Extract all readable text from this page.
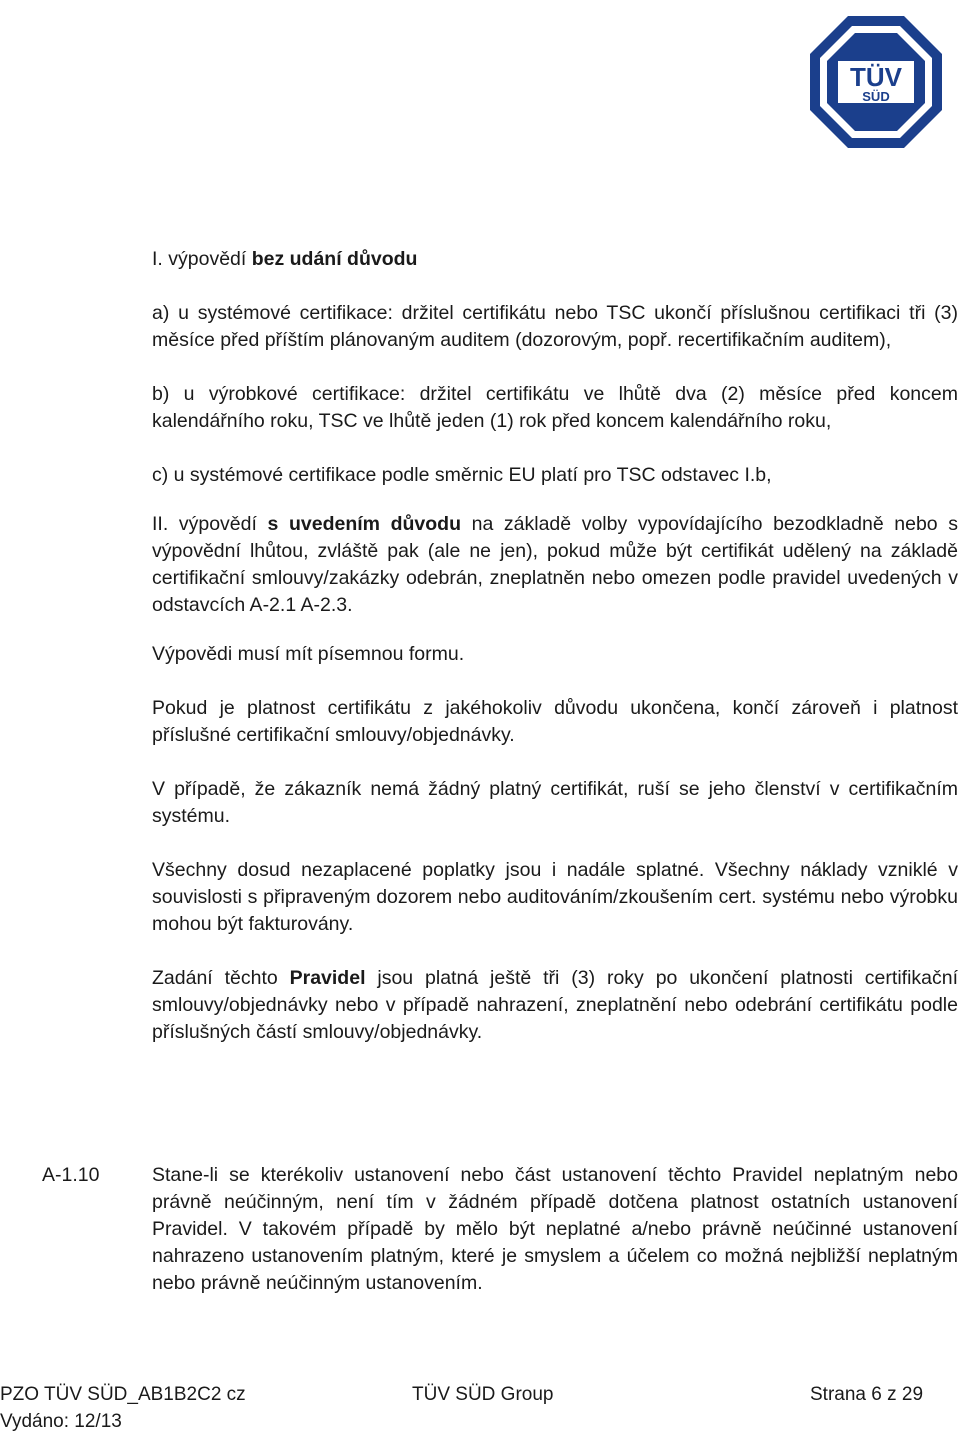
TÜV
SÜD

I. výpovědí bez udání důvodu

a) u systémové certifikace: držitel certifikátu nebo TSC ukončí příslušnou certifikaci tři (3) měsíce před příštím plánovaným auditem (dozorovým, popř. recertifikačním auditem),

b) u výrobkové certifikace: držitel certifikátu ve lhůtě dva (2) měsíce před koncem kalendářního roku, TSC ve lhůtě jeden (1) rok před koncem kalendářního roku,

c) u systémové certifikace podle směrnic EU platí pro TSC odstavec I.b,

II. výpovědí s uvedením důvodu na základě volby vypovídajícího bezodkladně nebo s výpovědní lhůtou, zvláště pak (ale ne jen), pokud může být certifikát udělený na základě certifikační smlouvy/zakázky odebrán, zneplatněn nebo omezen podle pravidel uvedených v odstavcích A-2.1 A-2.3.

Výpovědi musí mít písemnou formu.

Pokud je platnost certifikátu z jakéhokoliv důvodu ukončena, končí zároveň i platnost příslušné certifikační smlouvy/objednávky.

V případě, že zákazník nemá žádný platný certifikát, ruší se jeho členství v certifikačním systému.

Všechny dosud nezaplacené poplatky jsou i nadále splatné. Všechny náklady vzniklé v souvislosti s připraveným dozorem nebo auditováním/zkoušením cert. systému nebo výrobku mohou být fakturovány.

Zadání těchto Pravidel jsou platná ještě tři (3) roky po ukončení platnosti certifikační smlouvy/objednávky nebo v případě nahrazení, zneplatnění nebo odebrání certifikátu podle příslušných částí smlouvy/objednávky.

A-1.10	Stane-li se kterékoliv ustanovení nebo část ustanovení těchto Pravidel neplatným nebo právně neúčinným, není tím v žádném případě dotčena platnost ostatních ustanovení Pravidel. V takovém případě by mělo být neplatné a/nebo právně neúčinné ustanovení nahrazeno ustanovením platným, které je smyslem a účelem co možná nejbližší neplatným nebo právně neúčinným ustanovením.

PZO TÜV SÜD_AB1B2C2 cz	TÜV SÜD Group	Strana 6 z 29
Vydáno: 12/13
